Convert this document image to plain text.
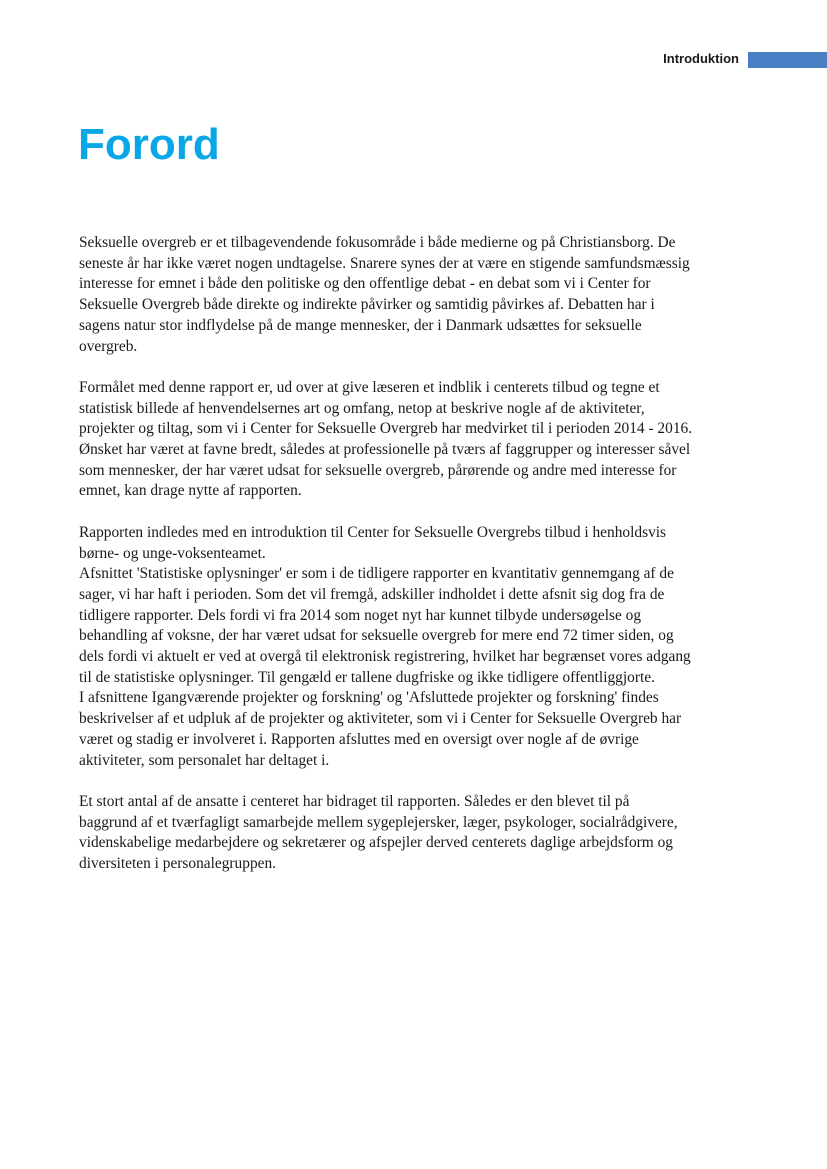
Introduktion
Forord

Seksuelle overgreb er et tilbagevendende fokusområde i både medierne og på Christiansborg. De
seneste år har ikke været nogen undtagelse. Snarere synes der at være en stigende samfundsmæssig
interesse for emnet i både den politiske og den offentlige debat - en debat som vi i Center for
Seksuelle Overgreb både direkte og indirekte påvirker og samtidig påvirkes af. Debatten har i
sagens natur stor indflydelse på de mange mennesker, der i Danmark udsættes for seksuelle
overgreb.

Formålet med denne rapport er, ud over at give læseren et indblik i centerets tilbud og tegne et
statistisk billede af henvendelsernes art og omfang, netop at beskrive nogle af de aktiviteter,
projekter og tiltag, som vi i Center for Seksuelle Overgreb har medvirket til i perioden 2014 - 2016.
Ønsket har været at favne bredt, således at professionelle på tværs af faggrupper og interesser såvel
som mennesker, der har været udsat for seksuelle overgreb, pårørende og andre med interesse for
emnet, kan drage nytte af rapporten.

Rapporten indledes med en introduktion til Center for Seksuelle Overgrebs tilbud i henholdsvis
børne- og unge-voksenteamet.
Afsnittet 'Statistiske oplysninger' er som i de tidligere rapporter en kvantitativ gennemgang af de
sager, vi har haft i perioden. Som det vil fremgå, adskiller indholdet i dette afsnit sig dog fra de
tidligere rapporter. Dels fordi vi fra 2014 som noget nyt har kunnet tilbyde undersøgelse og
behandling af voksne, der har været udsat for seksuelle overgreb for mere end 72 timer siden, og
dels fordi vi aktuelt er ved at overgå til elektronisk registrering, hvilket har begrænset vores adgang
til de statistiske oplysninger. Til gengæld er tallene dugfriske og ikke tidligere offentliggjorte.
I afsnittene Igangværende projekter og forskning' og 'Afsluttede projekter og forskning' findes
beskrivelser af et udpluk af de projekter og aktiviteter, som vi i Center for Seksuelle Overgreb har
været og stadig er involveret i. Rapporten afsluttes med en oversigt over nogle af de øvrige
aktiviteter, som personalet har deltaget i.

Et stort antal af de ansatte i centeret har bidraget til rapporten. Således er den blevet til på
baggrund af et tværfagligt samarbejde mellem sygeplejersker, læger, psykologer, socialrådgivere,
videnskabelige medarbejdere og sekretærer og afspejler derved centerets daglige arbejdsform og
diversiteten i personalegruppen.
